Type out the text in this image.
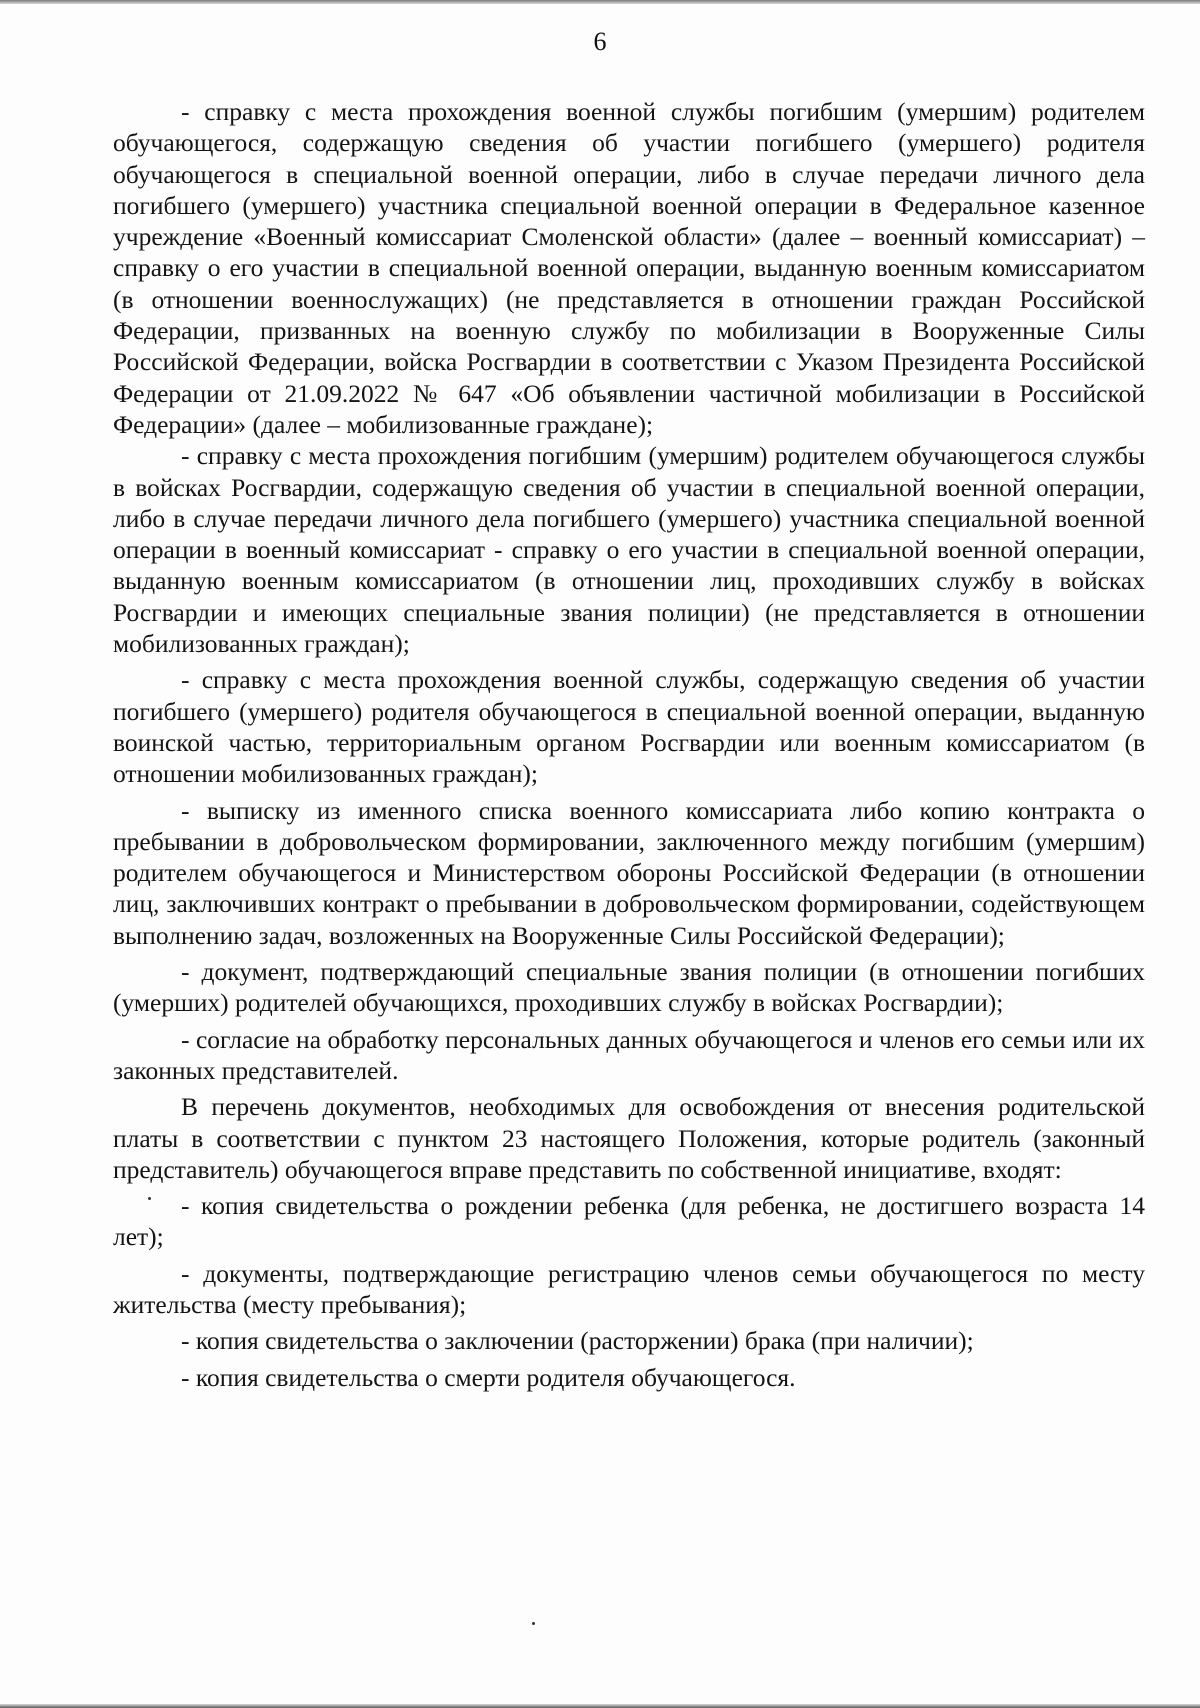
6

- справку с места прохождения военной службы погибшим (умершим) родителем обучающегося, содержащую сведения об участии погибшего (умершего) родителя обучающегося в специальной военной операции, либо в случае передачи личного дела погибшего (умершего) участника специальной военной операции в Федеральное казенное учреждение «Военный комиссариат Смоленской области» (далее – военный комиссариат) – справку о его участии в специальной военной операции, выданную военным комиссариатом (в отношении военнослужащих) (не представляется в отношении граждан Российской Федерации, призванных на военную службу по мобилизации в Вооруженные Силы Российской Федерации, войска Росгвардии в соответствии с Указом Президента Российской Федерации от 21.09.2022 № 647 «Об объявлении частичной мобилизации в Российской Федерации» (далее – мобилизованные граждане);

- справку с места прохождения погибшим (умершим) родителем обучающегося службы в войсках Росгвардии, содержащую сведения об участии в специальной военной операции, либо в случае передачи личного дела погибшего (умершего) участника специальной военной операции в военный комиссариат - справку о его участии в специальной военной операции, выданную военным комиссариатом (в отношении лиц, проходивших службу в войсках Росгвардии и имеющих специальные звания полиции) (не представляется в отношении мобилизованных граждан);

- справку с места прохождения военной службы, содержащую сведения об участии погибшего (умершего) родителя обучающегося в специальной военной операции, выданную воинской частью, территориальным органом Росгвардии или военным комиссариатом (в отношении мобилизованных граждан);

- выписку из именного списка военного комиссариата либо копию контракта о пребывании в добровольческом формировании, заключенного между погибшим (умершим) родителем обучающегося и Министерством обороны Российской Федерации (в отношении лиц, заключивших контракт о пребывании в добровольческом формировании, содействующем выполнению задач, возложенных на Вооруженные Силы Российской Федерации);

- документ, подтверждающий специальные звания полиции (в отношении погибших (умерших) родителей обучающихся, проходивших службу в войсках Росгвардии);

- согласие на обработку персональных данных обучающегося и членов его семьи или их законных представителей.

В перечень документов, необходимых для освобождения от внесения родительской платы в соответствии с пунктом 23 настоящего Положения, которые родитель (законный представитель) обучающегося вправе представить по собственной инициативе, входят:

- копия свидетельства о рождении ребенка (для ребенка, не достигшего возраста 14 лет);

- документы, подтверждающие регистрацию членов семьи обучающегося по месту жительства (месту пребывания);

- копия свидетельства о заключении (расторжении) брака (при наличии);

- копия свидетельства о смерти родителя обучающегося.
